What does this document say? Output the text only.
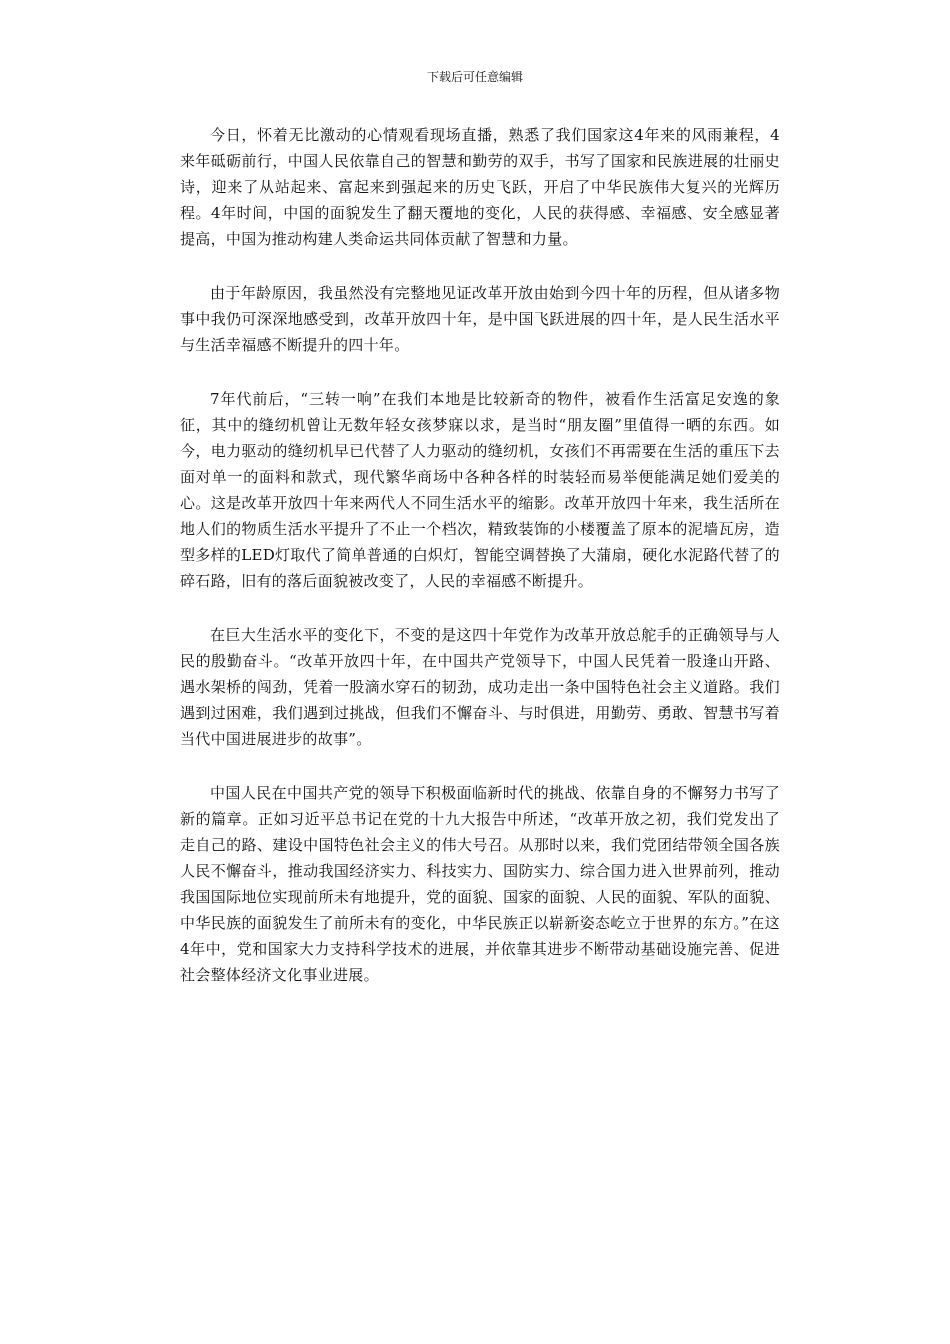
下载后可任意编辑

今日，怀着无比激动的心情观看现场直播，熟悉了我们国家这4年来的风雨兼程，4来年砥砺前行，中国人民依靠自己的智慧和勤劳的双手，书写了国家和民族进展的壮丽史诗，迎来了从站起来、富起来到强起来的历史飞跃，开启了中华民族伟大复兴的光辉历程。4年时间，中国的面貌发生了翻天覆地的变化，人民的获得感、幸福感、安全感显著提高，中国为推动构建人类命运共同体贡献了智慧和力量。

由于年龄原因，我虽然没有完整地见证改革开放由始到今四十年的历程，但从诸多物事中我仍可深深地感受到，改革开放四十年，是中国飞跃进展的四十年，是人民生活水平与生活幸福感不断提升的四十年。

7年代前后，“三转一响”在我们本地是比较新奇的物件，被看作生活富足安逸的象征，其中的缝纫机曾让无数年轻女孩梦寐以求，是当时“朋友圈”里值得一晒的东西。如今，电力驱动的缝纫机早已代替了人力驱动的缝纫机，女孩们不再需要在生活的重压下去面对单一的面料和款式，现代繁华商场中各种各样的时装轻而易举便能满足她们爱美的心。这是改革开放四十年来两代人不同生活水平的缩影。改革开放四十年来，我生活所在地人们的物质生活水平提升了不止一个档次，精致装饰的小楼覆盖了原本的泥墙瓦房，造型多样的LED灯取代了简单普通的白炽灯，智能空调替换了大蒲扇，硬化水泥路代替了的碎石路，旧有的落后面貌被改变了，人民的幸福感不断提升。

在巨大生活水平的变化下，不变的是这四十年党作为改革开放总舵手的正确领导与人民的殷勤奋斗。“改革开放四十年，在中国共产党领导下，中国人民凭着一股逢山开路、遇水架桥的闯劲，凭着一股滴水穿石的韧劲，成功走出一条中国特色社会主义道路。我们遇到过困难，我们遇到过挑战，但我们不懈奋斗、与时俱进，用勤劳、勇敢、智慧书写着当代中国进展进步的故事”。

中国人民在中国共产党的领导下积极面临新时代的挑战、依靠自身的不懈努力书写了新的篇章。正如习近平总书记在党的十九大报告中所述，“改革开放之初，我们党发出了走自己的路、建设中国特色社会主义的伟大号召。从那时以来，我们党团结带领全国各族人民不懈奋斗，推动我国经济实力、科技实力、国防实力、综合国力进入世界前列，推动我国国际地位实现前所未有地提升，党的面貌、国家的面貌、人民的面貌、军队的面貌、中华民族的面貌发生了前所未有的变化，中华民族正以崭新姿态屹立于世界的东方。”在这4年中，党和国家大力支持科学技术的进展，并依靠其进步不断带动基础设施完善、促进社会整体经济文化事业进展。
